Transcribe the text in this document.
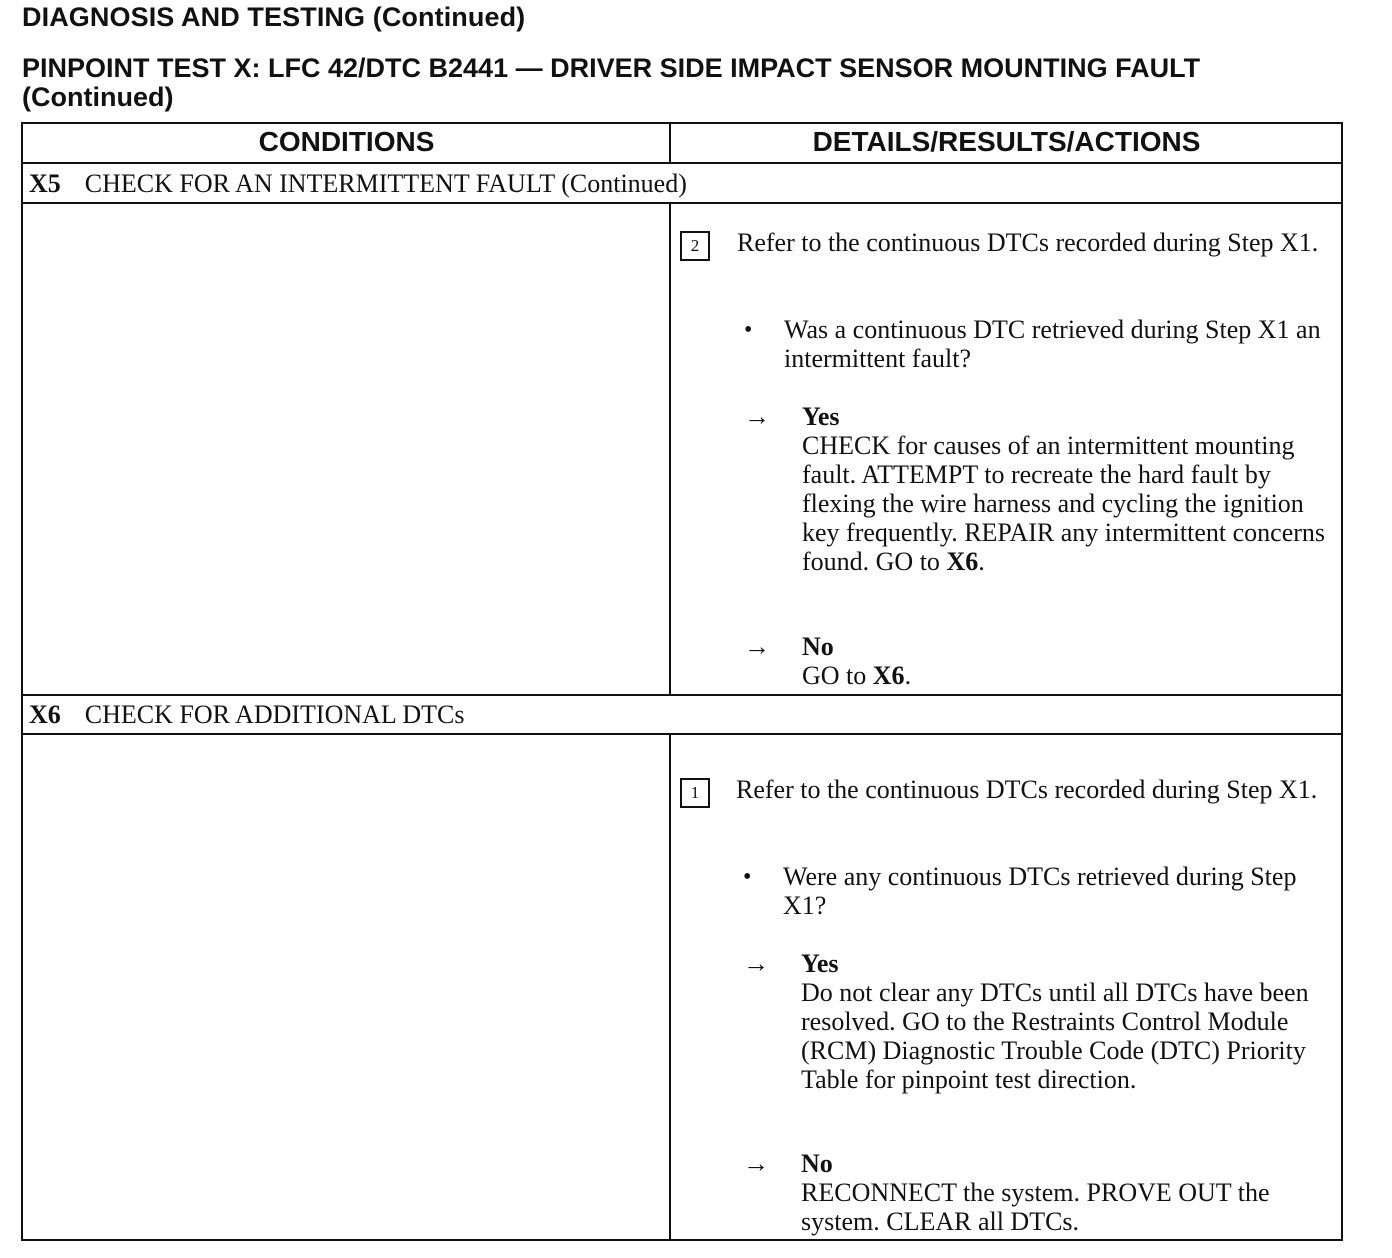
DIAGNOSIS AND TESTING (Continued)
PINPOINT TEST X: LFC 42/DTC B2441 — DRIVER SIDE IMPACT SENSOR MOUNTING FAULT
(Continued)
CONDITIONS	DETAILS/RESULTS/ACTIONS
X5 CHECK FOR AN INTERMITTENT FAULT (Continued)
2	Refer to the continuous DTCs recorded during Step X1.
• Was a continuous DTC retrieved during Step X1 an intermittent fault?
→ Yes
CHECK for causes of an intermittent mounting fault. ATTEMPT to recreate the hard fault by flexing the wire harness and cycling the ignition key frequently. REPAIR any intermittent concerns found. GO to X6.
→ No
GO to X6.
X6 CHECK FOR ADDITIONAL DTCs
1	Refer to the continuous DTCs recorded during Step X1.
• Were any continuous DTCs retrieved during Step X1?
→ Yes
Do not clear any DTCs until all DTCs have been resolved. GO to the Restraints Control Module (RCM) Diagnostic Trouble Code (DTC) Priority Table for pinpoint test direction.
→ No
RECONNECT the system. PROVE OUT the system. CLEAR all DTCs.
